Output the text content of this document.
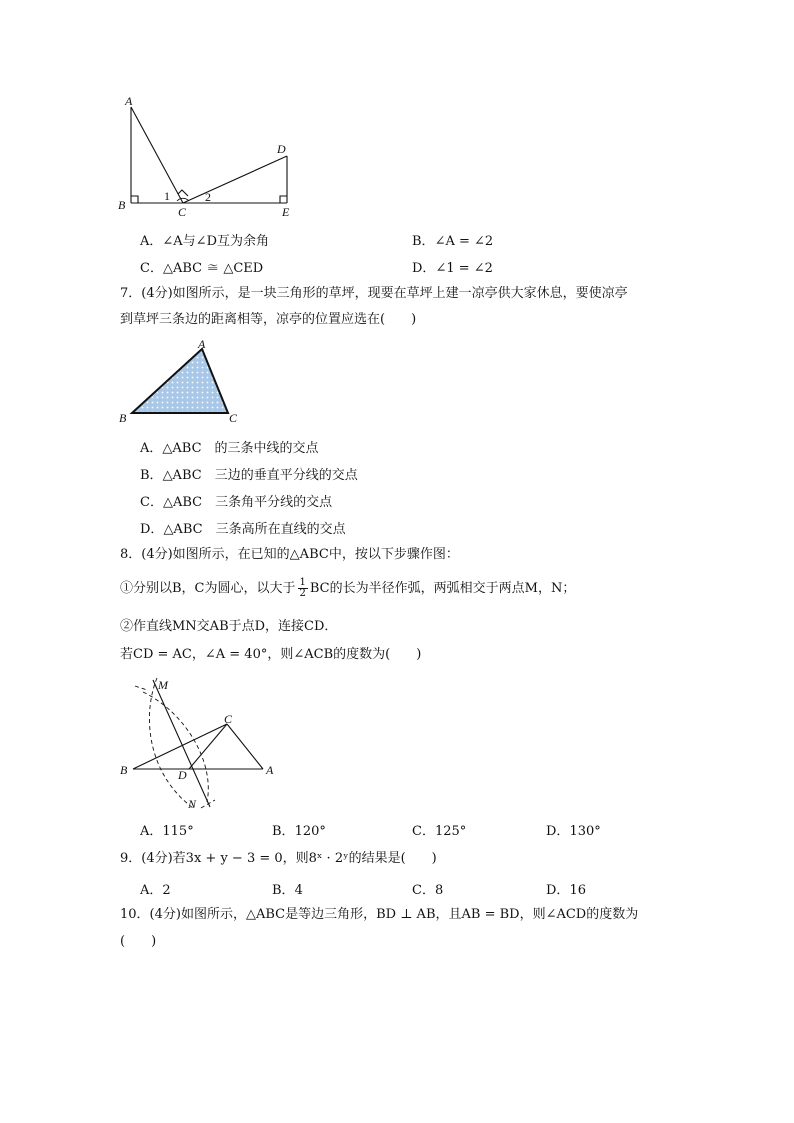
A
B	C
D
E
1	2
A．∠A与∠D互为余角	B．∠A = ∠2
C．△ABC ≅ △CED	D．∠1 = ∠2
7．(4分)如图所示，是一块三角形的草坪，现要在草坪上建一凉亭供大家休息，要使凉亭
到草坪三条边的距离相等，凉亭的位置应选在(　　)
A
B	C
A．△ABC　的三条中线的交点
B．△ABC　三边的垂直平分线的交点
C．△ABC　三条角平分线的交点
D．△ABC　三条高所在直线的交点
8．(4分)如图所示，在已知的△ABC中，按以下步骤作图：
①分别以B，C为圆心，以大于 $\frac{1}{2}$ BC的长为半径作弧，两弧相交于两点M，N；
②作直线MN交AB于点D，连接CD．
若CD = AC，∠A = 40°，则∠ACB的度数为(　　)
M
C
B	D	A
N
A．115°	B．120°	C．125°	D．130°
9．(4分)若3x + y − 3 = 0，则8ˣ · 2ʸ的结果是(　　)
A．2	B．4	C．8	D．16
10．(4分)如图所示，△ABC是等边三角形，BD ⊥ AB，且AB = BD，则∠ACD的度数为
(　　)
